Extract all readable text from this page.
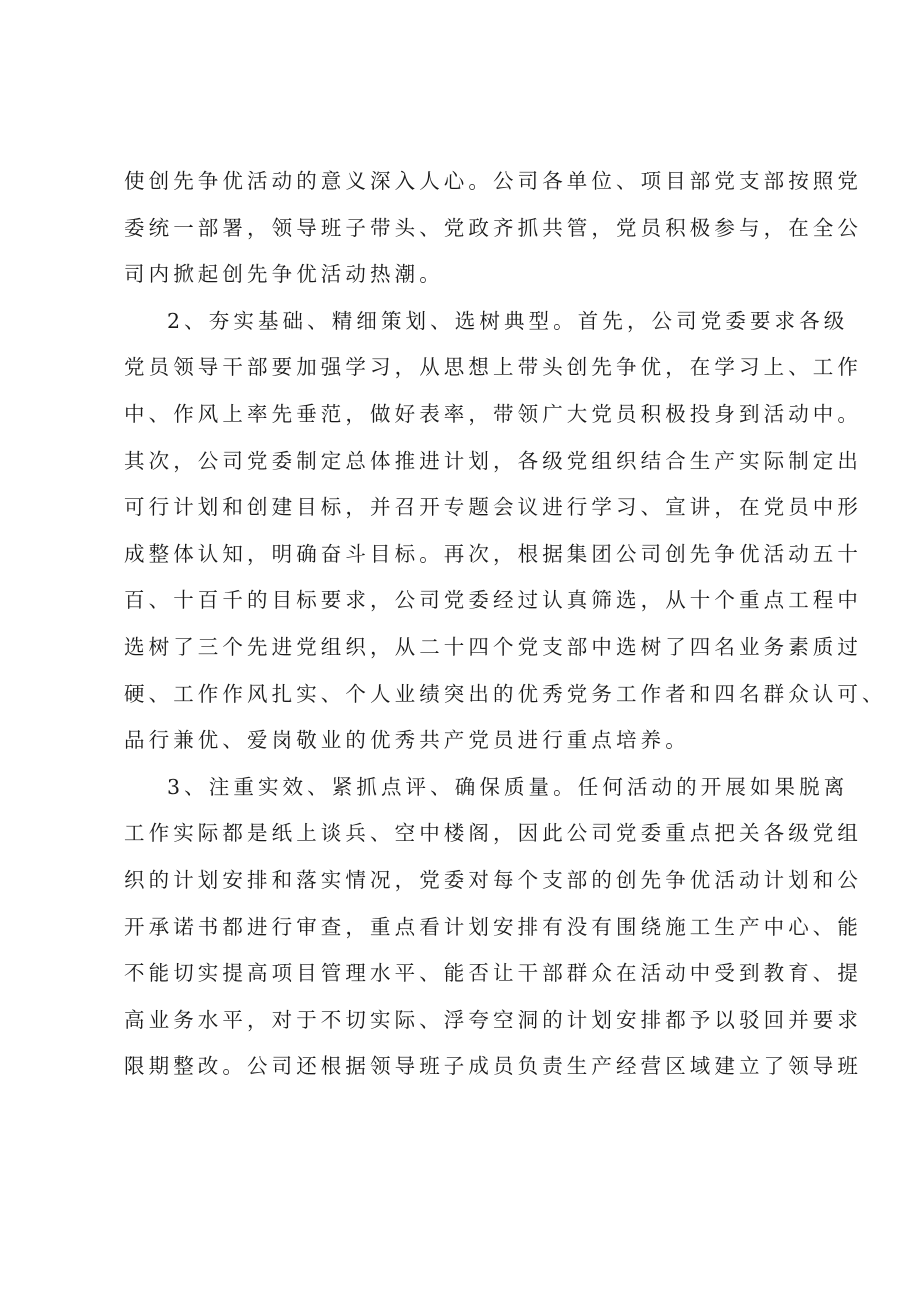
使创先争优活动的意义深入人心。公司各单位、项目部党支部按照党
委统一部署，领导班子带头、党政齐抓共管，党员积极参与，在全公
司内掀起创先争优活动热潮。
2、夯实基础、精细策划、选树典型。首先，公司党委要求各级
党员领导干部要加强学习，从思想上带头创先争优，在学习上、工作
中、作风上率先垂范，做好表率，带领广大党员积极投身到活动中。
其次，公司党委制定总体推进计划，各级党组织结合生产实际制定出
可行计划和创建目标，并召开专题会议进行学习、宣讲，在党员中形
成整体认知，明确奋斗目标。再次，根据集团公司创先争优活动五十
百、十百千的目标要求，公司党委经过认真筛选，从十个重点工程中
选树了三个先进党组织，从二十四个党支部中选树了四名业务素质过
硬、工作作风扎实、个人业绩突出的优秀党务工作者和四名群众认可、
品行兼优、爱岗敬业的优秀共产党员进行重点培养。
3、注重实效、紧抓点评、确保质量。任何活动的开展如果脱离
工作实际都是纸上谈兵、空中楼阁，因此公司党委重点把关各级党组
织的计划安排和落实情况，党委对每个支部的创先争优活动计划和公
开承诺书都进行审查，重点看计划安排有没有围绕施工生产中心、能
不能切实提高项目管理水平、能否让干部群众在活动中受到教育、提
高业务水平，对于不切实际、浮夸空洞的计划安排都予以驳回并要求
限期整改。公司还根据领导班子成员负责生产经营区域建立了领导班
